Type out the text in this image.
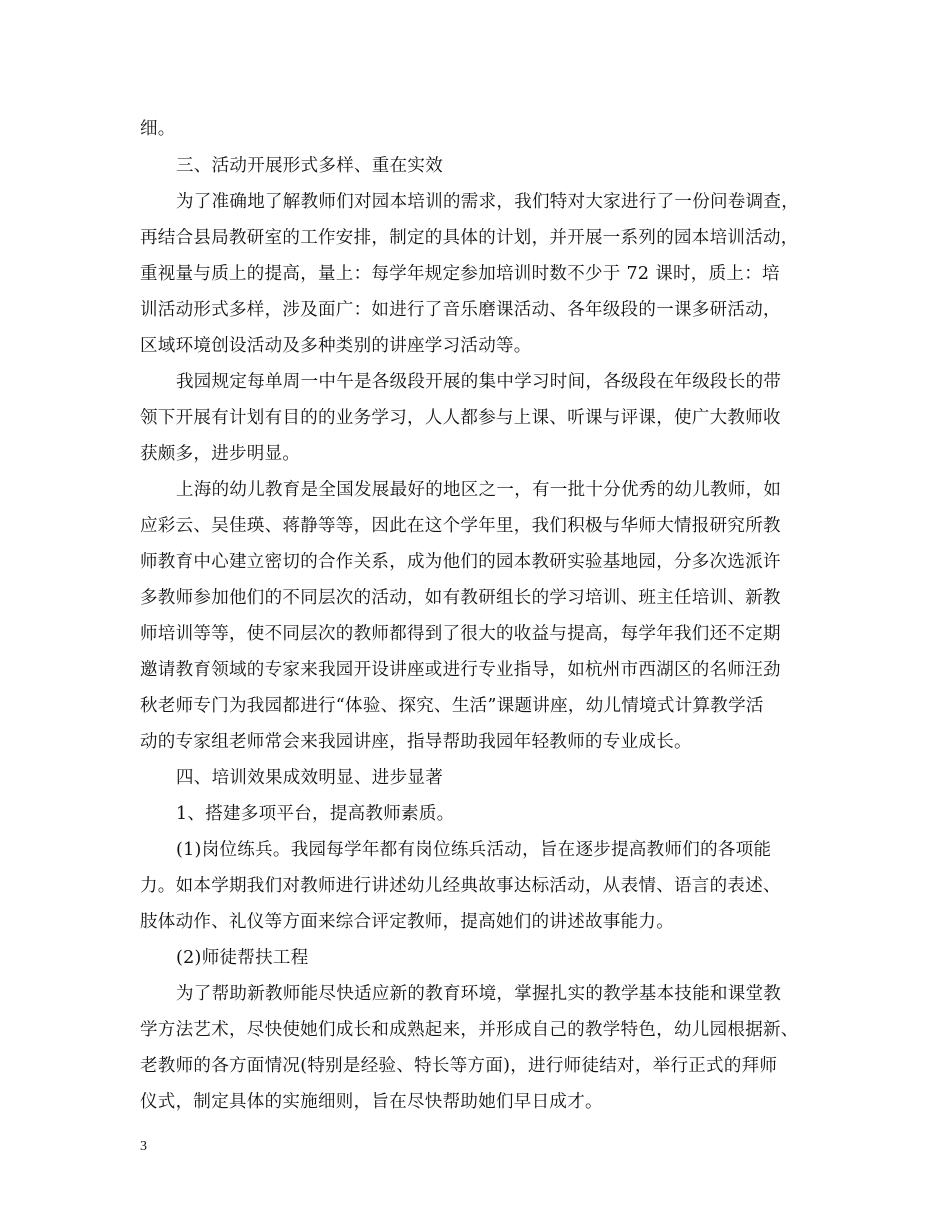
细。
三、活动开展形式多样、重在实效
为了准确地了解教师们对园本培训的需求，我们特对大家进行了一份问卷调查，
再结合县局教研室的工作安排，制定的具体的计划，并开展一系列的园本培训活动，
重视量与质上的提高，量上：每学年规定参加培训时数不少于 72 课时，质上：培
训活动形式多样，涉及面广：如进行了音乐磨课活动、各年级段的一课多研活动，
区域环境创设活动及多种类别的讲座学习活动等。
我园规定每单周一中午是各级段开展的集中学习时间，各级段在年级段长的带
领下开展有计划有目的的业务学习，人人都参与上课、听课与评课，使广大教师收
获颇多，进步明显。
上海的幼儿教育是全国发展最好的地区之一，有一批十分优秀的幼儿教师，如
应彩云、吴佳瑛、蒋静等等，因此在这个学年里，我们积极与华师大情报研究所教
师教育中心建立密切的合作关系，成为他们的园本教研实验基地园，分多次选派许
多教师参加他们的不同层次的活动，如有教研组长的学习培训、班主任培训、新教
师培训等等，使不同层次的教师都得到了很大的收益与提高，每学年我们还不定期
邀请教育领域的专家来我园开设讲座或进行专业指导，如杭州市西湖区的名师汪劲
秋老师专门为我园都进行“体验、探究、生活”课题讲座，幼儿情境式计算教学活
动的专家组老师常会来我园讲座，指导帮助我园年轻教师的专业成长。
四、培训效果成效明显、进步显著
1、搭建多项平台，提高教师素质。
(1)岗位练兵。我园每学年都有岗位练兵活动，旨在逐步提高教师们的各项能
力。如本学期我们对教师进行讲述幼儿经典故事达标活动，从表情、语言的表述、
肢体动作、礼仪等方面来综合评定教师，提高她们的讲述故事能力。
(2)师徒帮扶工程
为了帮助新教师能尽快适应新的教育环境，掌握扎实的教学基本技能和课堂教
学方法艺术，尽快使她们成长和成熟起来，并形成自己的教学特色，幼儿园根据新、
老教师的各方面情况(特别是经验、特长等方面)，进行师徒结对，举行正式的拜师
仪式，制定具体的实施细则，旨在尽快帮助她们早日成才。
3
